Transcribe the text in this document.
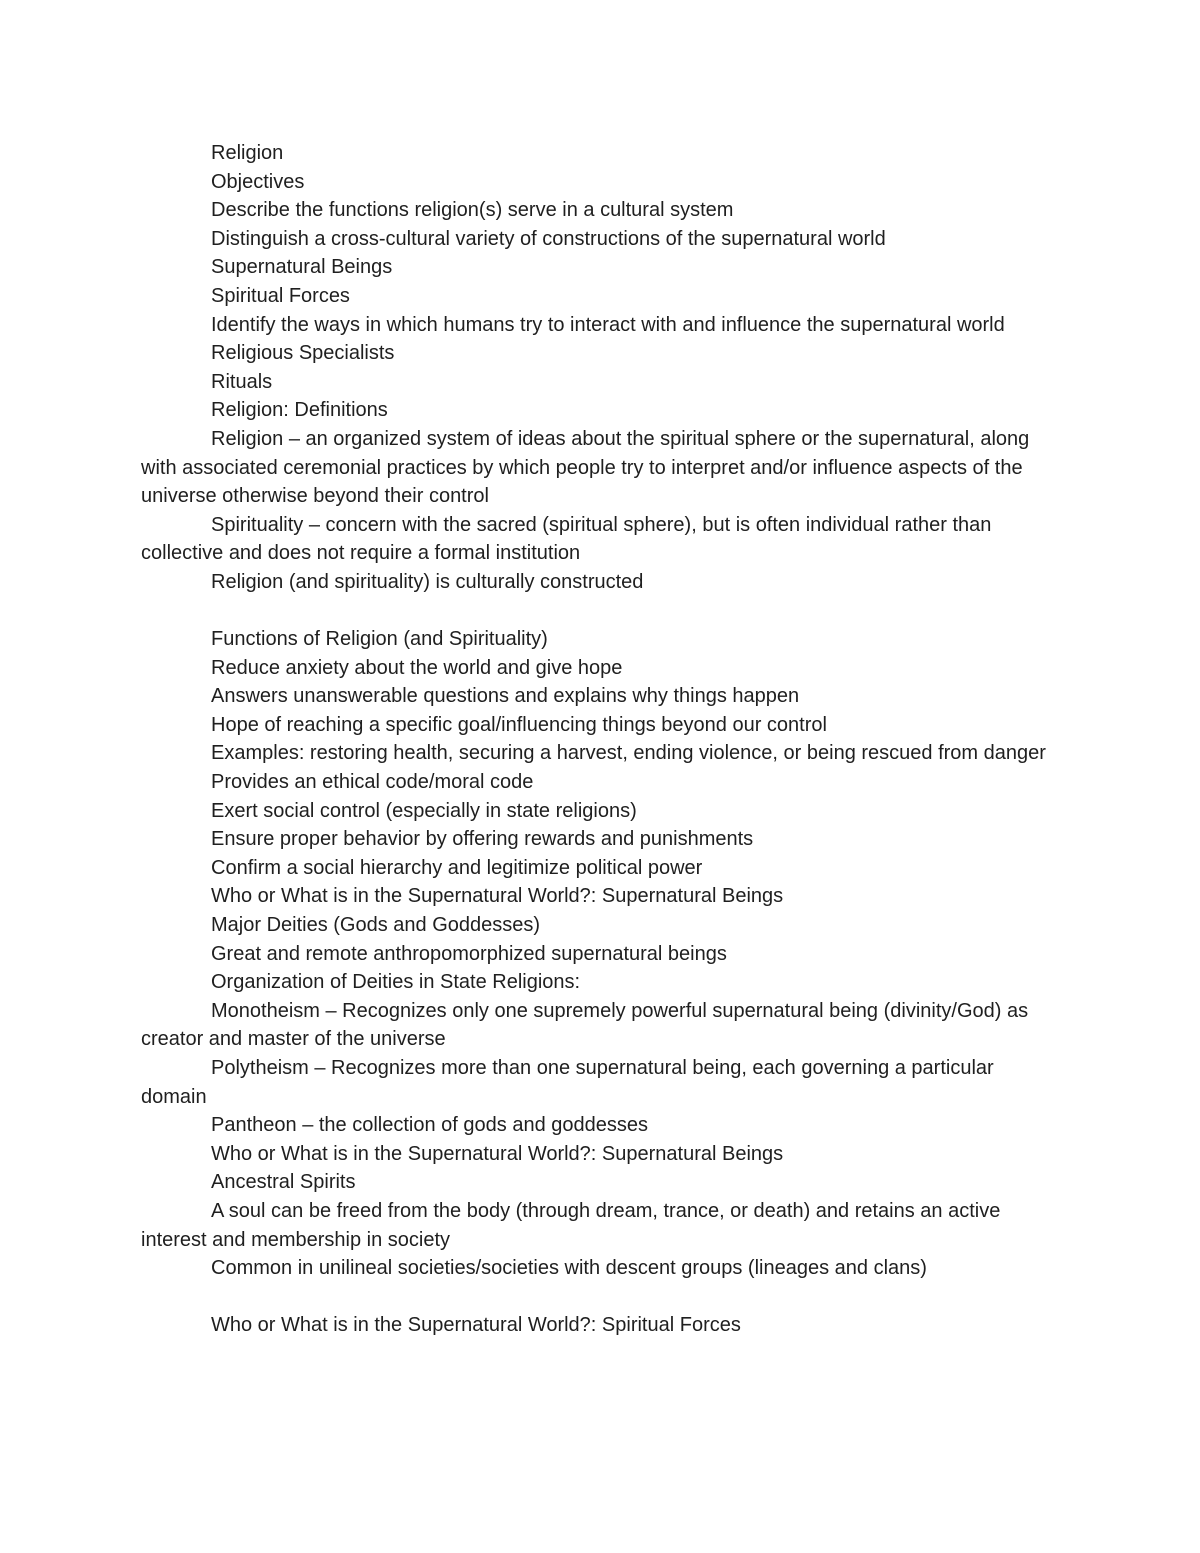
Religion

Objectives

Describe the functions religion(s) serve in a cultural system

Distinguish a cross-cultural variety of constructions of the supernatural world

Supernatural Beings

Spiritual Forces

Identify the ways in which humans try to interact with and influence the supernatural world

Religious Specialists

Rituals

Religion: Definitions

Religion – an organized system of ideas about the spiritual sphere or the supernatural, along with associated ceremonial practices by which people try to interpret and/or influence aspects of the universe otherwise beyond their control

Spirituality – concern with the sacred (spiritual sphere), but is often individual rather than collective and does not require a formal institution

Religion (and spirituality) is culturally constructed

Functions of Religion (and Spirituality)

Reduce anxiety about the world and give hope

Answers unanswerable questions and explains why things happen

Hope of reaching a specific goal/influencing things beyond our control

Examples: restoring health, securing a harvest, ending violence, or being rescued from danger

Provides an ethical code/moral code

Exert social control (especially in state religions)

Ensure proper behavior by offering rewards and punishments

Confirm a social hierarchy and legitimize political power

Who or What is in the Supernatural World?: Supernatural Beings

Major Deities (Gods and Goddesses)

Great and remote anthropomorphized supernatural beings

Organization of Deities in State Religions:

Monotheism – Recognizes only one supremely powerful supernatural being (divinity/God) as creator and master of the universe

Polytheism – Recognizes more than one supernatural being, each governing a particular domain

Pantheon – the collection of gods and goddesses

Who or What is in the Supernatural World?: Supernatural Beings

Ancestral Spirits

A soul can be freed from the body (through dream, trance, or death) and retains an active interest and membership in society

Common in unilineal societies/societies with descent groups (lineages and clans)

Who or What is in the Supernatural World?: Spiritual Forces
